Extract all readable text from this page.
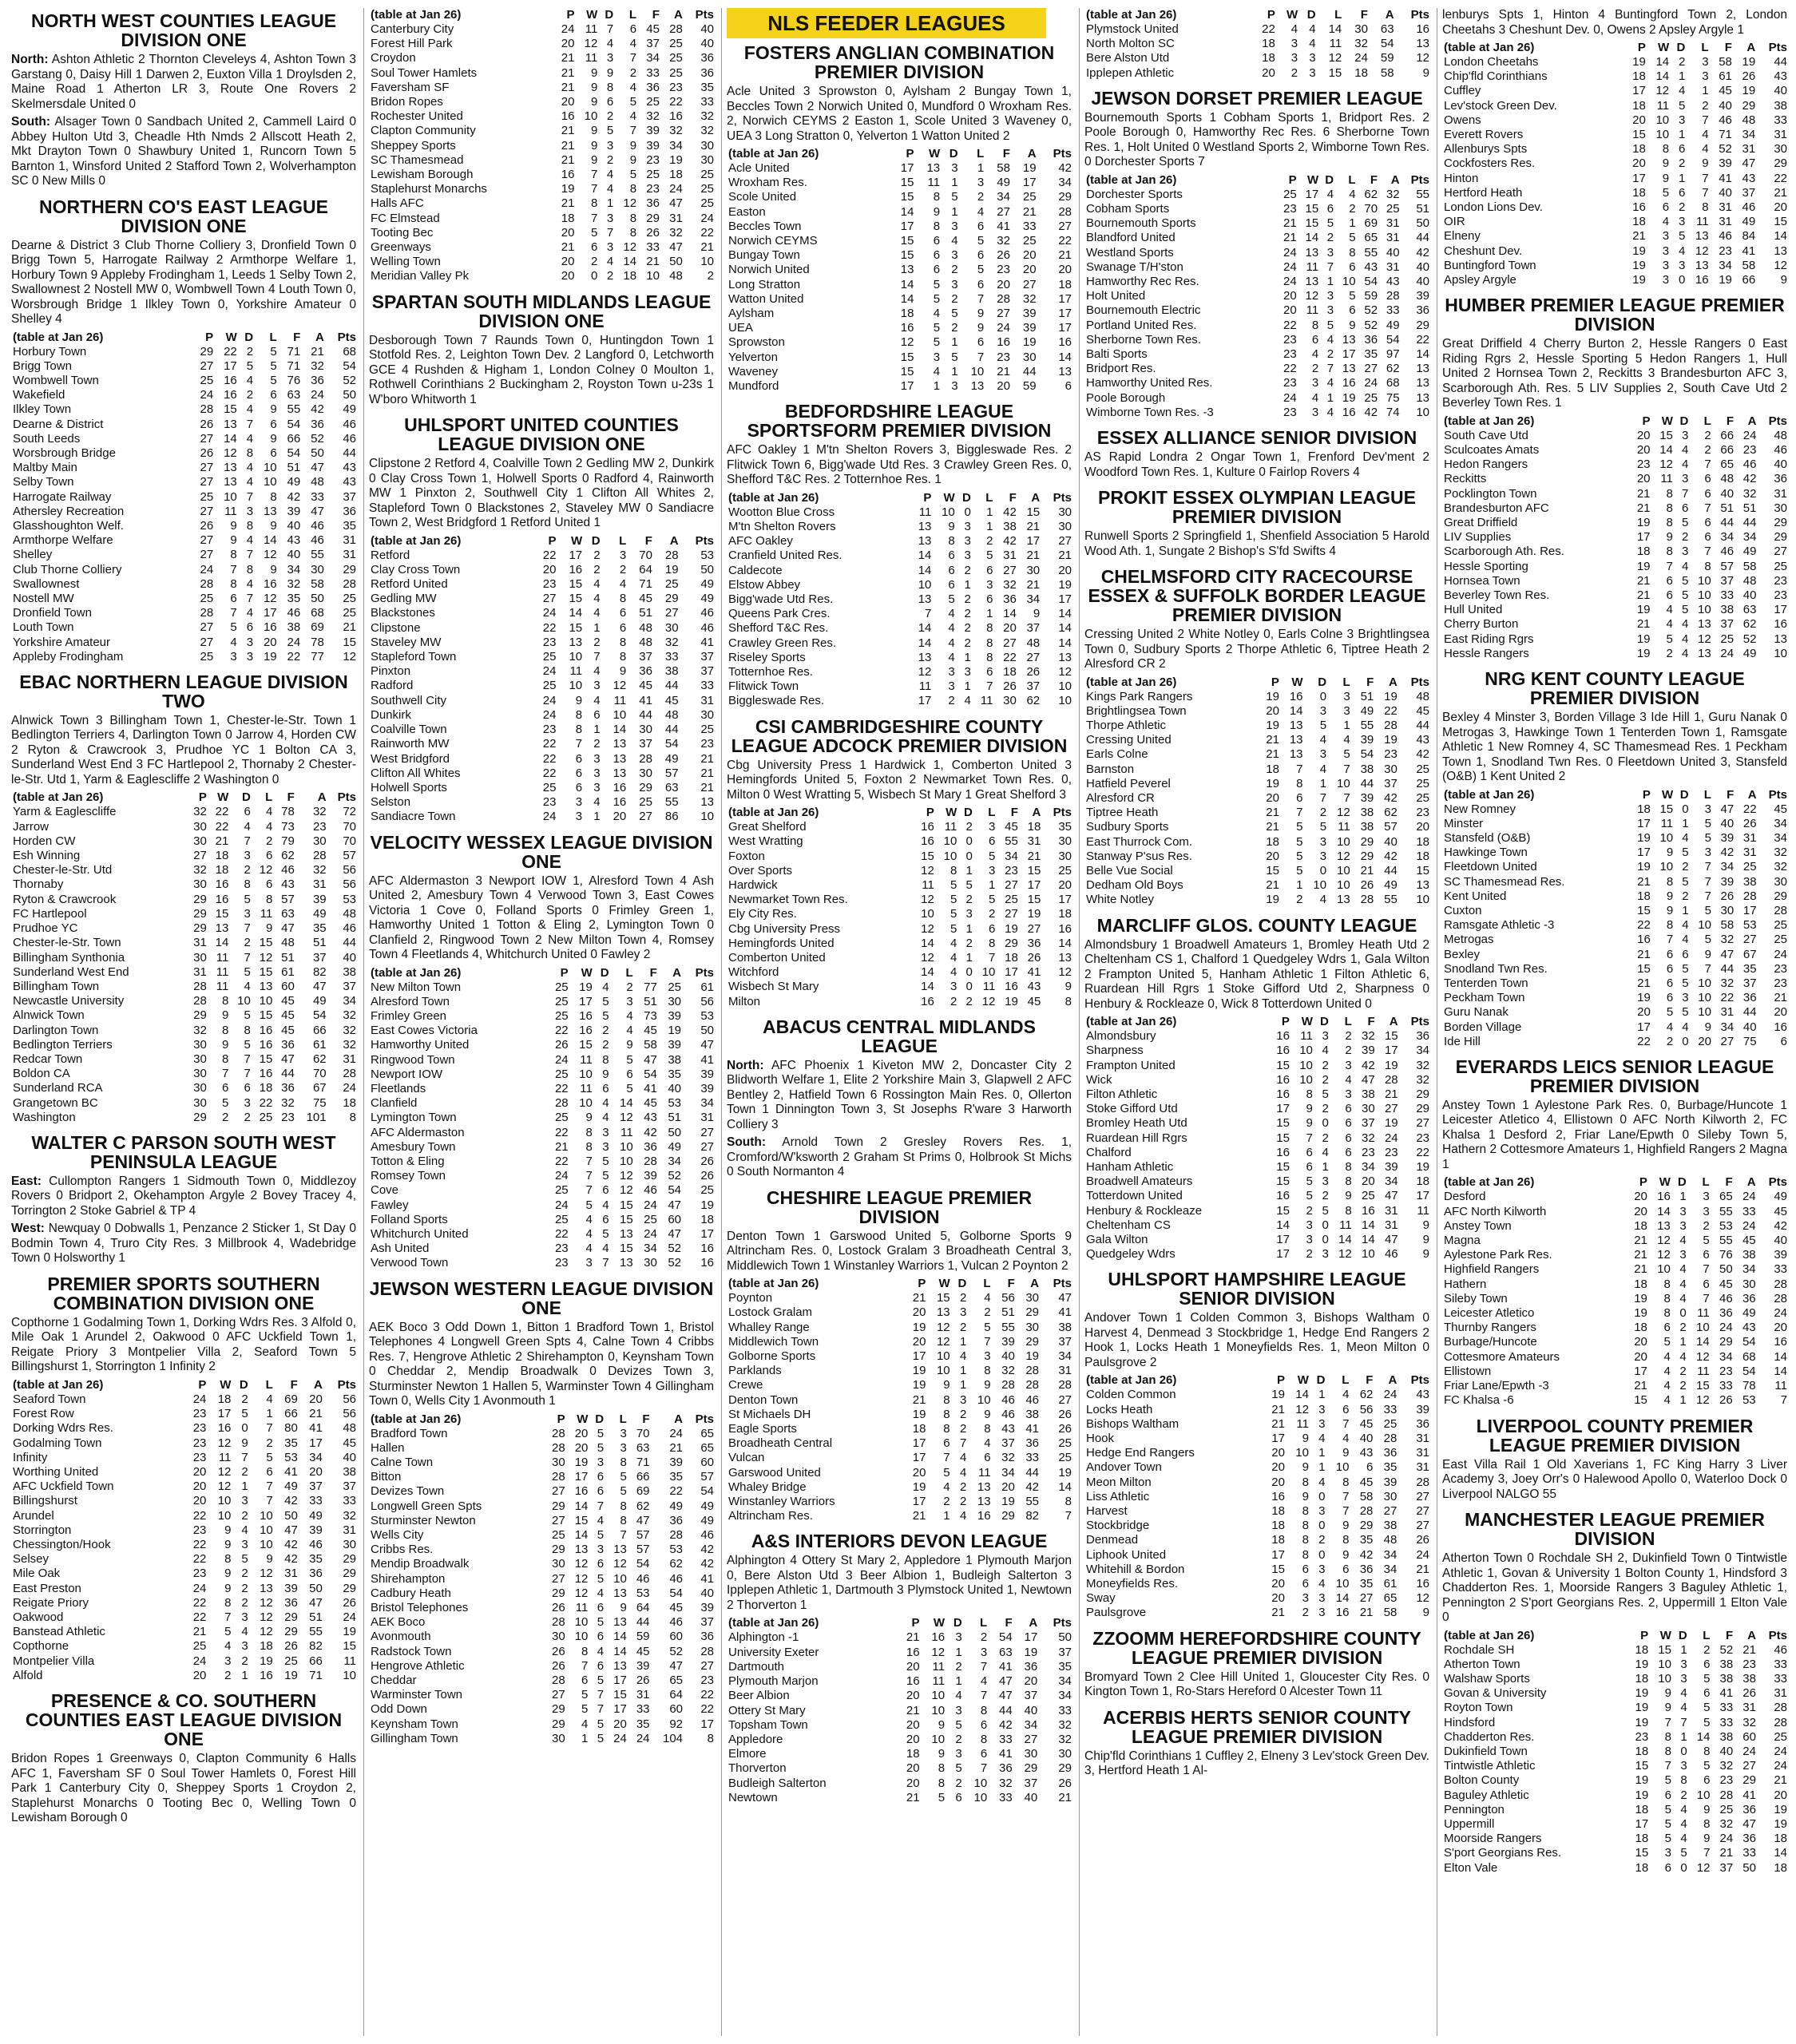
NORTH WEST COUNTIES LEAGUE DIVISION ONE

North: Ashton Athletic 2 Thornton Cleveleys 4, Ashton Town 3 Garstang 0, Daisy Hill 1 Darwen 2, Euxton Villa 1 Droylsden 2, Maine Road 1 Atherton LR 3, Route One Rovers 2 Skelmersdale United 0

South: Alsager Town 0 Sandbach United 2, Cammell Laird 0 Abbey Hulton Utd 3, Cheadle Hth Nmds 2 Allscott Heath 2, Mkt Drayton Town 0 Shawbury United 1, Runcorn Town 5 Barnton 1, Winsford United 2 Stafford Town 2, Wolverhampton SC 0 New Mills 0

NORTHERN CO'S EAST LEAGUE DIVISION ONE

Dearne & District 3 Club Thorne Colliery 3, Dronfield Town 0 Brigg Town 5, Harrogate Railway 2 Armthorpe Welfare 1, Horbury Town 9 Appleby Frodingham 1, Leeds 1 Selby Town 2, Swallownest 2 Nostell MW 0, Wombwell Town 4 Louth Town 0, Worsbrough Bridge 1 Ilkley Town 0, Yorkshire Amateur 0 Shelley 4

(table at Jan 26)	P	W	D	L	F	A	Pts
Horbury Town	29	22	2	5	71	21	68
Brigg Town	27	17	5	5	71	32	54
Wombwell Town	25	16	4	5	76	36	52
Wakefield	24	16	2	6	63	24	50
Ilkley Town	28	15	4	9	55	42	49
Dearne & District	26	13	7	6	54	36	46
South Leeds	27	14	4	9	66	52	46
Worsbrough Bridge	26	12	8	6	54	50	44
Maltby Main	27	13	4	10	51	47	43
Selby Town	27	13	4	10	49	48	43
Harrogate Railway	25	10	7	8	42	33	37
Athersley Recreation	27	11	3	13	39	47	36
Glasshoughton Welf.	26	9	8	9	40	46	35
Armthorpe Welfare	27	9	4	14	43	46	31
Shelley	27	8	7	12	40	55	31
Club Thorne Colliery	24	7	8	9	34	30	29
Swallownest	28	8	4	16	32	58	28
Nostell MW	25	6	7	12	35	50	25
Dronfield Town	28	7	4	17	46	68	25
Louth Town	27	5	6	16	38	69	21
Yorkshire Amateur	27	4	3	20	24	78	15
Appleby Frodingham	25	3	3	19	22	77	12
EBAC NORTHERN LEAGUE DIVISION TWO

Alnwick Town 3 Billingham Town 1, Chester-le-Str. Town 1 Bedlington Terriers 4, Darlington Town 0 Jarrow 4, Horden CW 2 Ryton & Crawcrook 3, Prudhoe YC 1 Bolton CA 3, Sunderland West End 3 FC Hartlepool 2, Thornaby 2 Chester-le-Str. Utd 1, Yarm & Eaglescliffe 2 Washington 0

(table at Jan 26)	P	W	D	L	F	A	Pts
Yarm & Eaglescliffe	32	22	6	4	78	32	72
Jarrow	30	22	4	4	73	23	70
Horden CW	30	21	7	2	79	30	70
Esh Winning	27	18	3	6	62	28	57
Chester-le-Str. Utd	32	18	2	12	46	32	56
Thornaby	30	16	8	6	43	31	56
Ryton & Crawcrook	29	16	5	8	57	39	53
FC Hartlepool	29	15	3	11	63	49	48
Prudhoe YC	29	13	7	9	47	35	46
Chester-le-Str. Town	31	14	2	15	48	51	44
Billingham Synthonia	30	11	7	12	51	37	40
Sunderland West End	31	11	5	15	61	82	38
Billingham Town	28	11	4	13	60	47	37
Newcastle University	28	8	10	10	45	49	34
Alnwick Town	29	9	5	15	45	54	32
Darlington Town	32	8	8	16	45	66	32
Bedlington Terriers	30	9	5	16	36	61	32
Redcar Town	30	8	7	15	47	62	31
Boldon CA	30	7	7	16	44	70	28
Sunderland RCA	30	6	6	18	36	67	24
Grangetown BC	30	5	3	22	32	75	18
Washington	29	2	2	25	23	101	8
WALTER C PARSON SOUTH WEST PENINSULA LEAGUE

East: Cullompton Rangers 1 Sidmouth Town 0, Middlezoy Rovers 0 Bridport 2, Okehampton Argyle 2 Bovey Tracey 4, Torrington 2 Stoke Gabriel & TP 4

West: Newquay 0 Dobwalls 1, Penzance 2 Sticker 1, St Day 0 Bodmin Town 4, Truro City Res. 3 Millbrook 4, Wadebridge Town 0 Holsworthy 1

PREMIER SPORTS SOUTHERN COMBINATION DIVISION ONE

Copthorne 1 Godalming Town 1, Dorking Wdrs Res. 3 Alfold 0, Mile Oak 1 Arundel 2, Oakwood 0 AFC Uckfield Town 1, Reigate Priory 3 Montpelier Villa 2, Seaford Town 5 Billingshurst 1, Storrington 1 Infinity 2

(table at Jan 26)	P	W	D	L	F	A	Pts
Seaford Town	24	18	2	4	69	20	56
Forest Row	23	17	5	1	66	21	56
Dorking Wdrs Res.	23	16	0	7	80	41	48
Godalming Town	23	12	9	2	35	17	45
Infinity	23	11	7	5	53	34	40
Worthing United	20	12	2	6	41	20	38
AFC Uckfield Town	20	12	1	7	49	37	37
Billingshurst	20	10	3	7	42	33	33
Arundel	22	10	2	10	50	49	32
Storrington	23	9	4	10	47	39	31
Chessington/Hook	22	9	3	10	42	46	30
Selsey	22	8	5	9	42	35	29
Mile Oak	23	9	2	12	31	36	29
East Preston	24	9	2	13	39	50	29
Reigate Priory	22	8	2	12	36	47	26
Oakwood	22	7	3	12	29	51	24
Banstead Athletic	21	5	4	12	29	55	19
Copthorne	25	4	3	18	26	82	15
Montpelier Villa	24	3	2	19	25	66	11
Alfold	20	2	1	16	19	71	10
PRESENCE & CO. SOUTHERN COUNTIES EAST LEAGUE DIVISION ONE

Bridon Ropes 1 Greenways 0, Clapton Community 6 Halls AFC 1, Faversham SF 0 Soul Tower Hamlets 0, Forest Hill Park 1 Canterbury City 0, Sheppey Sports 1 Croydon 2, Staplehurst Monarchs 0 Tooting Bec 0, Welling Town 0 Lewisham Borough 0

(table at Jan 26)	P	W	D	L	F	A	Pts
Canterbury City	24	11	7	6	45	28	40
Forest Hill Park	20	12	4	4	37	25	40
Croydon	21	11	3	7	34	25	36
Soul Tower Hamlets	21	9	9	2	33	25	36
Faversham SF	21	9	8	4	36	23	35
Bridon Ropes	20	9	6	5	25	22	33
Rochester United	16	10	2	4	32	16	32
Clapton Community	21	9	5	7	39	32	32
Sheppey Sports	21	9	3	9	39	34	30
SC Thamesmead	21	9	2	9	23	19	30
Lewisham Borough	16	7	4	5	25	18	25
Staplehurst Monarchs	19	7	4	8	23	24	25
Halls AFC	21	8	1	12	36	47	25
FC Elmstead	18	7	3	8	29	31	24
Tooting Bec	20	5	7	8	26	32	22
Greenways	21	6	3	12	33	47	21
Welling Town	20	2	4	14	21	50	10
Meridian Valley Pk	20	0	2	18	10	48	2
SPARTAN SOUTH MIDLANDS LEAGUE DIVISION ONE

Desborough Town 7 Raunds Town 0, Huntingdon Town 1 Stotfold Res. 2, Leighton Town Dev. 2 Langford 0, Letchworth GCE 4 Rushden & Higham 1, London Colney 0 Moulton 1, Rothwell Corinthians 2 Buckingham 2, Royston Town u-23s 1 W'boro Whitworth 1

UHLSPORT UNITED COUNTIES LEAGUE DIVISION ONE

Clipstone 2 Retford 4, Coalville Town 2 Gedling MW 2, Dunkirk 0 Clay Cross Town 1, Holwell Sports 0 Radford 4, Rainworth MW 1 Pinxton 2, Southwell City 1 Clifton All Whites 2, Stapleford Town 0 Blackstones 2, Staveley MW 0 Sandiacre Town 2, West Bridgford 1 Retford United 1

(table at Jan 26)	P	W	D	L	F	A	Pts
Retford	22	17	2	3	70	28	53
Clay Cross Town	20	16	2	2	64	19	50
Retford United	23	15	4	4	71	25	49
Gedling MW	27	15	4	8	45	29	49
Blackstones	24	14	4	6	51	27	46
Clipstone	22	15	1	6	48	30	46
Staveley MW	23	13	2	8	48	32	41
Stapleford Town	25	10	7	8	37	33	37
Pinxton	24	11	4	9	36	38	37
Radford	25	10	3	12	45	44	33
Southwell City	24	9	4	11	41	45	31
Dunkirk	24	8	6	10	44	48	30
Coalville Town	23	8	1	14	30	44	25
Rainworth MW	22	7	2	13	37	54	23
West Bridgford	22	6	3	13	28	49	21
Clifton All Whites	22	6	3	13	30	57	21
Holwell Sports	25	6	3	16	29	63	21
Selston	23	3	4	16	25	55	13
Sandiacre Town	24	3	1	20	27	86	10
VELOCITY WESSEX LEAGUE DIVISION ONE

AFC Aldermaston 3 Newport IOW 1, Alresford Town 4 Ash United 2, Amesbury Town 4 Verwood Town 3, East Cowes Victoria 1 Cove 0, Folland Sports 0 Frimley Green 1, Hamworthy United 1 Totton & Eling 2, Lymington Town 0 Clanfield 2, Ringwood Town 2 New Milton Town 4, Romsey Town 4 Fleetlands 4, Whitchurch United 0 Fawley 2

(table at Jan 26)	P	W	D	L	F	A	Pts
New Milton Town	25	19	4	2	77	25	61
Alresford Town	25	17	5	3	51	30	56
Frimley Green	25	16	5	4	73	39	53
East Cowes Victoria	22	16	2	4	45	19	50
Hamworthy United	26	15	2	9	58	39	47
Ringwood Town	24	11	8	5	47	38	41
Newport IOW	25	10	9	6	54	35	39
Fleetlands	22	11	6	5	41	40	39
Clanfield	28	10	4	14	45	53	34
Lymington Town	25	9	4	12	43	51	31
AFC Aldermaston	22	8	3	11	42	50	27
Amesbury Town	21	8	3	10	36	49	27
Totton & Eling	22	7	5	10	28	34	26
Romsey Town	24	7	5	12	39	52	26
Cove	25	7	6	12	46	54	25
Fawley	24	5	4	15	24	47	19
Folland Sports	25	4	6	15	25	60	18
Whitchurch United	22	4	5	13	24	47	17
Ash United	23	4	4	15	34	52	16
Verwood Town	23	3	7	13	30	52	16
JEWSON WESTERN LEAGUE DIVISION ONE

AEK Boco 3 Odd Down 1, Bitton 1 Bradford Town 1, Bristol Telephones 4 Longwell Green Spts 4, Calne Town 4 Cribbs Res. 7, Hengrove Athletic 2 Shirehampton 0, Keynsham Town 0 Cheddar 2, Mendip Broadwalk 0 Devizes Town 3, Sturminster Newton 1 Hallen 5, Warminster Town 4 Gillingham Town 0, Wells City 1 Avonmouth 1

(table at Jan 26)	P	W	D	L	F	A	Pts
Bradford Town	28	20	5	3	70	24	65
Hallen	28	20	5	3	63	21	65
Calne Town	30	19	3	8	71	39	60
Bitton	28	17	6	5	66	35	57
Devizes Town	27	16	6	5	69	22	54
Longwell Green Spts	29	14	7	8	62	49	49
Sturminster Newton	27	15	4	8	47	36	49
Wells City	25	14	5	7	57	28	46
Cribbs Res.	29	13	3	13	57	53	42
Mendip Broadwalk	30	12	6	12	54	62	42
Shirehampton	27	12	5	10	46	46	41
Cadbury Heath	29	12	4	13	53	54	40
Bristol Telephones	26	11	6	9	64	45	39
AEK Boco	28	10	5	13	44	46	37
Avonmouth	30	10	6	14	59	60	36
Radstock Town	26	8	4	14	45	52	28
Hengrove Athletic	26	7	6	13	39	47	27
Cheddar	28	6	5	17	26	65	23
Warminster Town	27	5	7	15	31	64	22
Odd Down	29	5	7	17	33	60	22
Keynsham Town	29	4	5	20	35	92	17
Gillingham Town	30	1	5	24	24	104	8
NLS FEEDER LEAGUES
FOSTERS ANGLIAN COMBINATION PREMIER DIVISION

Acle United 3 Sprowston 0, Aylsham 2 Bungay Town 1, Beccles Town 2 Norwich United 0, Mundford 0 Wroxham Res. 2, Norwich CEYMS 2 Easton 1, Scole United 3 Waveney 0, UEA 3 Long Stratton 0, Yelverton 1 Watton United 2

(table at Jan 26)	P	W	D	L	F	A	Pts
Acle United	17	13	3	1	58	19	42
Wroxham Res.	15	11	1	3	49	17	34
Scole United	15	8	5	2	34	25	29
Easton	14	9	1	4	27	21	28
Beccles Town	17	8	3	6	41	33	27
Norwich CEYMS	15	6	4	5	32	25	22
Bungay Town	15	6	3	6	26	20	21
Norwich United	13	6	2	5	23	20	20
Long Stratton	14	5	3	6	20	27	18
Watton United	14	5	2	7	28	32	17
Aylsham	18	4	5	9	27	39	17
UEA	16	5	2	9	24	39	17
Sprowston	12	5	1	6	16	19	16
Yelverton	15	3	5	7	23	30	14
Waveney	15	4	1	10	21	44	13
Mundford	17	1	3	13	20	59	6
BEDFORDSHIRE LEAGUE SPORTSFORM PREMIER DIVISION

AFC Oakley 1 M'tn Shelton Rovers 3, Biggleswade Res. 2 Flitwick Town 6, Bigg'wade Utd Res. 3 Crawley Green Res. 0, Shefford T&C Res. 2 Totternhoe Res. 1

(table at Jan 26)	P	W	D	L	F	A	Pts
Wootton Blue Cross	11	10	0	1	42	15	30
M'tn Shelton Rovers	13	9	3	1	38	21	30
AFC Oakley	13	8	3	2	42	17	27
Cranfield United Res.	14	6	3	5	31	21	21
Caldecote	14	6	2	6	27	30	20
Elstow Abbey	10	6	1	3	32	21	19
Bigg'wade Utd Res.	13	5	2	6	36	34	17
Queens Park Cres.	7	4	2	1	14	9	14
Shefford T&C Res.	14	4	2	8	20	37	14
Crawley Green Res.	14	4	2	8	27	48	14
Riseley Sports	13	4	1	8	22	27	13
Totternhoe Res.	12	3	3	6	18	26	12
Flitwick Town	11	3	1	7	26	37	10
Biggleswade Res.	17	2	4	11	30	62	10
CSI CAMBRIDGESHIRE COUNTY LEAGUE ADCOCK PREMIER DIVISION

Cbg University Press 1 Hardwick 1, Comberton United 3 Hemingfords United 5, Foxton 2 Newmarket Town Res. 0, Milton 0 West Wratting 5, Wisbech St Mary 1 Great Shelford 3

(table at Jan 26)	P	W	D	L	F	A	Pts
Great Shelford	16	11	2	3	45	18	35
West Wratting	16	10	0	6	55	31	30
Foxton	15	10	0	5	34	21	30
Over Sports	12	8	1	3	23	15	25
Hardwick	11	5	5	1	27	17	20
Newmarket Town Res.	12	5	2	5	25	15	17
Ely City Res.	10	5	3	2	27	19	18
Cbg University Press	12	5	1	6	19	27	16
Hemingfords United	14	4	2	8	29	36	14
Comberton United	12	4	1	7	18	26	13
Witchford	14	4	0	10	17	41	12
Wisbech St Mary	14	3	0	11	16	43	9
Milton	16	2	2	12	19	45	8
ABACUS CENTRAL MIDLANDS LEAGUE

North: AFC Phoenix 1 Kiveton MW 2, Doncaster City 2 Blidworth Welfare 1, Elite 2 Yorkshire Main 3, Glapwell 2 AFC Bentley 2, Hatfield Town 6 Rossington Main Res. 0, Ollerton Town 1 Dinnington Town 3, St Josephs R'ware 3 Harworth Colliery 3

South: Arnold Town 2 Gresley Rovers Res. 1, Cromford/W'ksworth 2 Graham St Prims 0, Holbrook St Michs 0 South Normanton 4

CHESHIRE LEAGUE PREMIER DIVISION

Denton Town 1 Garswood United 5, Golborne Sports 9 Altrincham Res. 0, Lostock Gralam 3 Broadheath Central 3, Middlewich Town 1 Winstanley Warriors 1, Vulcan 2 Poynton 2

(table at Jan 26)	P	W	D	L	F	A	Pts
Poynton	21	15	2	4	56	30	47
Lostock Gralam	20	13	3	2	51	29	41
Whalley Range	19	12	2	5	55	30	38
Middlewich Town	20	12	1	7	39	29	37
Golborne Sports	17	10	4	3	40	19	34
Parklands	19	10	1	8	32	28	31
Crewe	19	9	1	9	28	28	28
Denton Town	21	8	3	10	46	46	27
St Michaels DH	19	8	2	9	46	38	26
Eagle Sports	18	8	2	8	43	41	26
Broadheath Central	17	6	7	4	37	36	25
Vulcan	17	7	4	6	32	33	25
Garswood United	20	5	4	11	34	44	19
Whaley Bridge	19	4	2	13	20	42	14
Winstanley Warriors	17	2	2	13	19	55	8
Altrincham Res.	21	1	4	16	29	82	7
A&S INTERIORS DEVON LEAGUE

Alphington 4 Ottery St Mary 2, Appledore 1 Plymouth Marjon 0, Bere Alston Utd 3 Beer Albion 1, Budleigh Salterton 3 Ipplepen Athletic 1, Dartmouth 3 Plymstock United 1, Newtown 2 Thorverton 1

(table at Jan 26)	P	W	D	L	F	A	Pts
Alphington -1	21	16	3	2	54	17	50
University Exeter	16	12	1	3	63	19	37
Dartmouth	20	11	2	7	41	36	35
Plymouth Marjon	16	11	1	4	47	20	34
Beer Albion	20	10	4	7	47	37	34
Ottery St Mary	21	10	3	8	44	40	33
Topsham Town	20	9	5	6	42	34	32
Appledore	20	10	2	8	33	27	32
Elmore	18	9	3	6	41	30	30
Thorverton	20	8	5	7	36	29	29
Budleigh Salterton	20	8	2	10	32	37	26
Newtown	21	5	6	10	33	40	21
(table at Jan 26)	P	W	D	L	F	A	Pts
Plymstock United	22	4	4	14	30	63	16
North Molton SC	18	3	4	11	32	54	13
Bere Alston Utd	18	3	3	12	24	59	12
Ipplepen Athletic	20	2	3	15	18	58	9
JEWSON DORSET PREMIER LEAGUE

Bournemouth Sports 1 Cobham Sports 1, Bridport Res. 2 Poole Borough 0, Hamworthy Rec Res. 6 Sherborne Town Res. 1, Holt United 0 Westland Sports 2, Wimborne Town Res. 0 Dorchester Sports 7

(table at Jan 26)	P	W	D	L	F	A	Pts
Dorchester Sports	25	17	4	4	62	32	55
Cobham Sports	23	15	6	2	70	25	51
Bournemouth Sports	21	15	5	1	69	31	50
Blandford United	21	14	2	5	65	31	44
Westland Sports	24	13	3	8	55	40	42
Swanage T/H'ston	24	11	7	6	43	31	40
Hamworthy Rec Res.	24	13	1	10	54	43	40
Holt United	20	12	3	5	59	28	39
Bournemouth Electric	20	11	3	6	52	33	36
Portland United Res.	22	8	5	9	52	49	29
Sherborne Town Res.	23	6	4	13	36	54	22
Balti Sports	23	4	2	17	35	97	14
Bridport Res.	22	2	7	13	27	62	13
Hamworthy United Res.	23	3	4	16	24	68	13
Poole Borough	24	4	1	19	25	75	13
Wimborne Town Res. -3	23	3	4	16	42	74	10
ESSEX ALLIANCE SENIOR DIVISION

AS Rapid Londra 2 Ongar Town 1, Frenford Dev'ment 2 Woodford Town Res. 1, Kulture 0 Fairlop Rovers 4

PROKIT ESSEX OLYMPIAN LEAGUE PREMIER DIVISION

Runwell Sports 2 Springfield 1, Shenfield Association 5 Harold Wood Ath. 1, Sungate 2 Bishop's S'fd Swifts 4

CHELMSFORD CITY RACECOURSE ESSEX & SUFFOLK BORDER LEAGUE PREMIER DIVISION

Cressing United 2 White Notley 0, Earls Colne 3 Brightlingsea Town 0, Sudbury Sports 2 Thorpe Athletic 6, Tiptree Heath 2 Alresford CR 2

(table at Jan 26)	P	W	D	L	F	A	Pts
Kings Park Rangers	19	16	0	3	51	19	48
Brightlingsea Town	20	14	3	3	49	22	45
Thorpe Athletic	19	13	5	1	55	28	44
Cressing United	21	13	4	4	39	19	43
Earls Colne	21	13	3	5	54	23	42
Barnston	18	7	4	7	38	30	25
Hatfield Peverel	19	8	1	10	44	37	25
Alresford CR	20	6	7	7	39	42	25
Tiptree Heath	21	7	2	12	38	62	23
Sudbury Sports	21	5	5	11	38	57	20
East Thurrock Com.	18	5	3	10	29	40	18
Stanway P'sus Res.	20	5	3	12	29	42	18
Belle Vue Social	15	5	0	10	21	44	15
Dedham Old Boys	21	1	10	10	26	49	13
White Notley	19	2	4	13	28	55	10
MARCLIFF GLOS. COUNTY LEAGUE

Almondsbury 1 Broadwell Amateurs 1, Bromley Heath Utd 2 Cheltenham CS 1, Chalford 1 Quedgeley Wdrs 1, Gala Wilton 2 Frampton United 5, Hanham Athletic 1 Filton Athletic 6, Ruardean Hill Rgrs 1 Stoke Gifford Utd 2, Sharpness 0 Henbury & Rockleaze 0, Wick 8 Totterdown United 0

(table at Jan 26)	P	W	D	L	F	A	Pts
Almondsbury	16	11	3	2	32	15	36
Sharpness	16	10	4	2	39	17	34
Frampton United	15	10	2	3	42	19	32
Wick	16	10	2	4	47	28	32
Filton Athletic	16	8	5	3	38	21	29
Stoke Gifford Utd	17	9	2	6	30	27	29
Bromley Heath Utd	15	9	0	6	37	19	27
Ruardean Hill Rgrs	15	7	2	6	32	24	23
Chalford	16	6	4	6	23	23	22
Hanham Athletic	15	6	1	8	34	39	19
Broadwell Amateurs	15	5	3	8	20	34	18
Totterdown United	16	5	2	9	25	47	17
Henbury & Rockleaze	15	2	5	8	16	31	11
Cheltenham CS	14	3	0	11	14	31	9
Gala Wilton	17	3	0	14	14	47	9
Quedgeley Wdrs	17	2	3	12	10	46	9
UHLSPORT HAMPSHIRE LEAGUE SENIOR DIVISION

Andover Town 1 Colden Common 3, Bishops Waltham 0 Harvest 4, Denmead 3 Stockbridge 1, Hedge End Rangers 2 Hook 1, Locks Heath 1 Moneyfields Res. 1, Meon Milton 0 Paulsgrove 2

(table at Jan 26)	P	W	D	L	F	A	Pts
Colden Common	19	14	1	4	62	24	43
Locks Heath	21	12	3	6	56	33	39
Bishops Waltham	21	11	3	7	45	25	36
Hook	17	9	4	4	40	28	31
Hedge End Rangers	20	10	1	9	43	36	31
Andover Town	20	9	1	10	6	35	31
Meon Milton	20	8	4	8	45	39	28
Liss Athletic	16	9	0	7	58	30	27
Harvest	18	8	3	7	28	27	27
Stockbridge	18	8	0	9	29	38	27
Denmead	18	8	2	8	35	48	26
Liphook United	17	8	0	9	42	34	24
Whitehill & Bordon	15	6	3	6	36	34	21
Moneyfields Res.	20	6	4	10	35	61	16
Sway	20	3	3	14	27	65	12
Paulsgrove	21	2	3	16	21	58	9
ZZOOMM HEREFORDSHIRE COUNTY LEAGUE PREMIER DIVISION

Bromyard Town 2 Clee Hill United 1, Gloucester City Res. 0 Kington Town 1, Ro-Stars Hereford 0 Alcester Town 11

ACERBIS HERTS SENIOR COUNTY LEAGUE PREMIER DIVISION

Chip'fld Corinthians 1 Cuffley 2, Elneny 3 Lev'stock Green Dev. 3, Hertford Heath 1 Al-

lenburys Spts 1, Hinton 4 Buntingford Town 2, London Cheetahs 3 Cheshunt Dev. 0, Owens 2 Apsley Argyle 1

(table at Jan 26)	P	W	D	L	F	A	Pts
London Cheetahs	19	14	2	3	58	19	44
Chip'fld Corinthians	18	14	1	3	61	26	43
Cuffley	17	12	4	1	45	19	40
Lev'stock Green Dev.	18	11	5	2	40	29	38
Owens	20	10	3	7	46	48	33
Everett Rovers	15	10	1	4	71	34	31
Allenburys Spts	18	8	6	4	52	31	30
Cockfosters Res.	20	9	2	9	39	47	29
Hinton	17	9	1	7	41	43	22
Hertford Heath	18	5	6	7	40	37	21
London Lions Dev.	16	6	2	8	31	46	20
OIR	18	4	3	11	31	49	15
Elneny	21	3	5	13	46	84	14
Cheshunt Dev.	19	3	4	12	23	41	13
Buntingford Town	19	3	3	13	34	58	12
Apsley Argyle	19	3	0	16	19	66	9
HUMBER PREMIER LEAGUE PREMIER DIVISION

Great Driffield 4 Cherry Burton 2, Hessle Rangers 0 East Riding Rgrs 2, Hessle Sporting 5 Hedon Rangers 1, Hull United 2 Hornsea Town 2, Reckitts 3 Brandesburton AFC 3, Scarborough Ath. Res. 5 LIV Supplies 2, South Cave Utd 2 Beverley Town Res. 1

(table at Jan 26)	P	W	D	L	F	A	Pts
South Cave Utd	20	15	3	2	66	24	48
Sculcoates Amats	20	14	4	2	66	23	46
Hedon Rangers	23	12	4	7	65	46	40
Reckitts	20	11	3	6	48	42	36
Pocklington Town	21	8	7	6	40	32	31
Brandesburton AFC	21	8	6	7	51	51	30
Great Driffield	19	8	5	6	44	44	29
LIV Supplies	17	9	2	6	34	34	29
Scarborough Ath. Res.	18	8	3	7	46	49	27
Hessle Sporting	19	7	4	8	57	58	25
Hornsea Town	21	6	5	10	37	48	23
Beverley Town Res.	21	6	5	10	33	40	23
Hull United	19	4	5	10	38	63	17
Cherry Burton	21	4	4	13	37	62	16
East Riding Rgrs	19	5	4	12	25	52	13
Hessle Rangers	19	2	4	13	24	49	10
NRG KENT COUNTY LEAGUE PREMIER DIVISION

Bexley 4 Minster 3, Borden Village 3 Ide Hill 1, Guru Nanak 0 Metrogas 3, Hawkinge Town 1 Tenterden Town 1, Ramsgate Athletic 1 New Romney 4, SC Thamesmead Res. 1 Peckham Town 1, Snodland Twn Res. 0 Fleetdown United 3, Stansfeld (O&B) 1 Kent United 2

(table at Jan 26)	P	W	D	L	F	A	Pts
New Romney	18	15	0	3	47	22	45
Minster	17	11	1	5	40	26	34
Stansfeld (O&B)	19	10	4	5	39	31	34
Hawkinge Town	17	9	5	3	42	31	32
Fleetdown United	19	10	2	7	34	25	32
SC Thamesmead Res.	21	8	5	7	39	38	30
Kent United	18	9	2	7	26	28	29
Cuxton	15	9	1	5	30	17	28
Ramsgate Athletic -3	22	8	4	10	58	53	25
Metrogas	16	7	4	5	32	27	25
Bexley	21	6	6	9	47	67	24
Snodland Twn Res.	15	6	5	7	44	35	23
Tenterden Town	21	6	5	10	32	37	23
Peckham Town	19	6	3	10	22	36	21
Guru Nanak	20	5	5	10	31	44	20
Borden Village	17	4	4	9	34	40	16
Ide Hill	22	2	0	20	27	75	6
EVERARDS LEICS SENIOR LEAGUE PREMIER DIVISION

Anstey Town 1 Aylestone Park Res. 0, Burbage/Huncote 1 Leicester Atletico 4, Ellistown 0 AFC North Kilworth 2, FC Khalsa 1 Desford 2, Friar Lane/Epwth 0 Sileby Town 5, Hathern 2 Cottesmore Amateurs 1, Highfield Rangers 2 Magna 1

(table at Jan 26)	P	W	D	L	F	A	Pts
Desford	20	16	1	3	65	24	49
AFC North Kilworth	20	14	3	3	55	33	45
Anstey Town	18	13	3	2	53	24	42
Magna	21	12	4	5	55	45	40
Aylestone Park Res.	21	12	3	6	76	38	39
Highfield Rangers	21	10	4	7	50	34	33
Hathern	18	8	4	6	45	30	28
Sileby Town	19	8	4	7	46	36	28
Leicester Atletico	19	8	0	11	36	49	24
Thurnby Rangers	18	6	2	10	24	43	20
Burbage/Huncote	20	5	1	14	29	54	16
Cottesmore Amateurs	20	4	4	12	34	68	14
Ellistown	17	4	2	11	23	54	14
Friar Lane/Epwth -3	21	4	2	15	33	78	11
FC Khalsa -6	15	4	1	12	26	53	7
LIVERPOOL COUNTY PREMIER LEAGUE PREMIER DIVISION

East Villa Rail 1 Old Xaverians 1, FC King Harry 3 Liver Academy 3, Joey Orr's 0 Halewood Apollo 0, Waterloo Dock 0 Liverpool NALGO 55

MANCHESTER LEAGUE PREMIER DIVISION

Atherton Town 0 Rochdale SH 2, Dukinfield Town 0 Tintwistle Athletic 1, Govan & University 1 Bolton County 1, Hindsford 3 Chadderton Res. 1, Moorside Rangers 3 Baguley Athletic 1, Pennington 2 S'port Georgians Res. 2, Uppermill 1 Elton Vale 0

(table at Jan 26)	P	W	D	L	F	A	Pts
Rochdale SH	18	15	1	2	52	21	46
Atherton Town	19	10	3	6	38	23	33
Walshaw Sports	18	10	3	5	38	38	33
Govan & University	19	9	4	6	41	26	31
Royton Town	19	9	4	5	33	31	28
Hindsford	19	7	7	5	33	32	28
Chadderton Res.	23	8	1	14	38	60	25
Dukinfield Town	18	8	0	8	40	24	24
Tintwistle Athletic	15	7	3	5	32	27	24
Bolton County	19	5	8	6	23	29	21
Baguley Athletic	19	6	2	10	28	41	20
Pennington	18	5	4	9	25	36	19
Uppermill	17	5	4	8	32	47	19
Moorside Rangers	18	5	4	9	24	36	18
S'port Georgians Res.	15	3	5	7	21	33	14
Elton Vale	18	6	0	12	37	50	18
